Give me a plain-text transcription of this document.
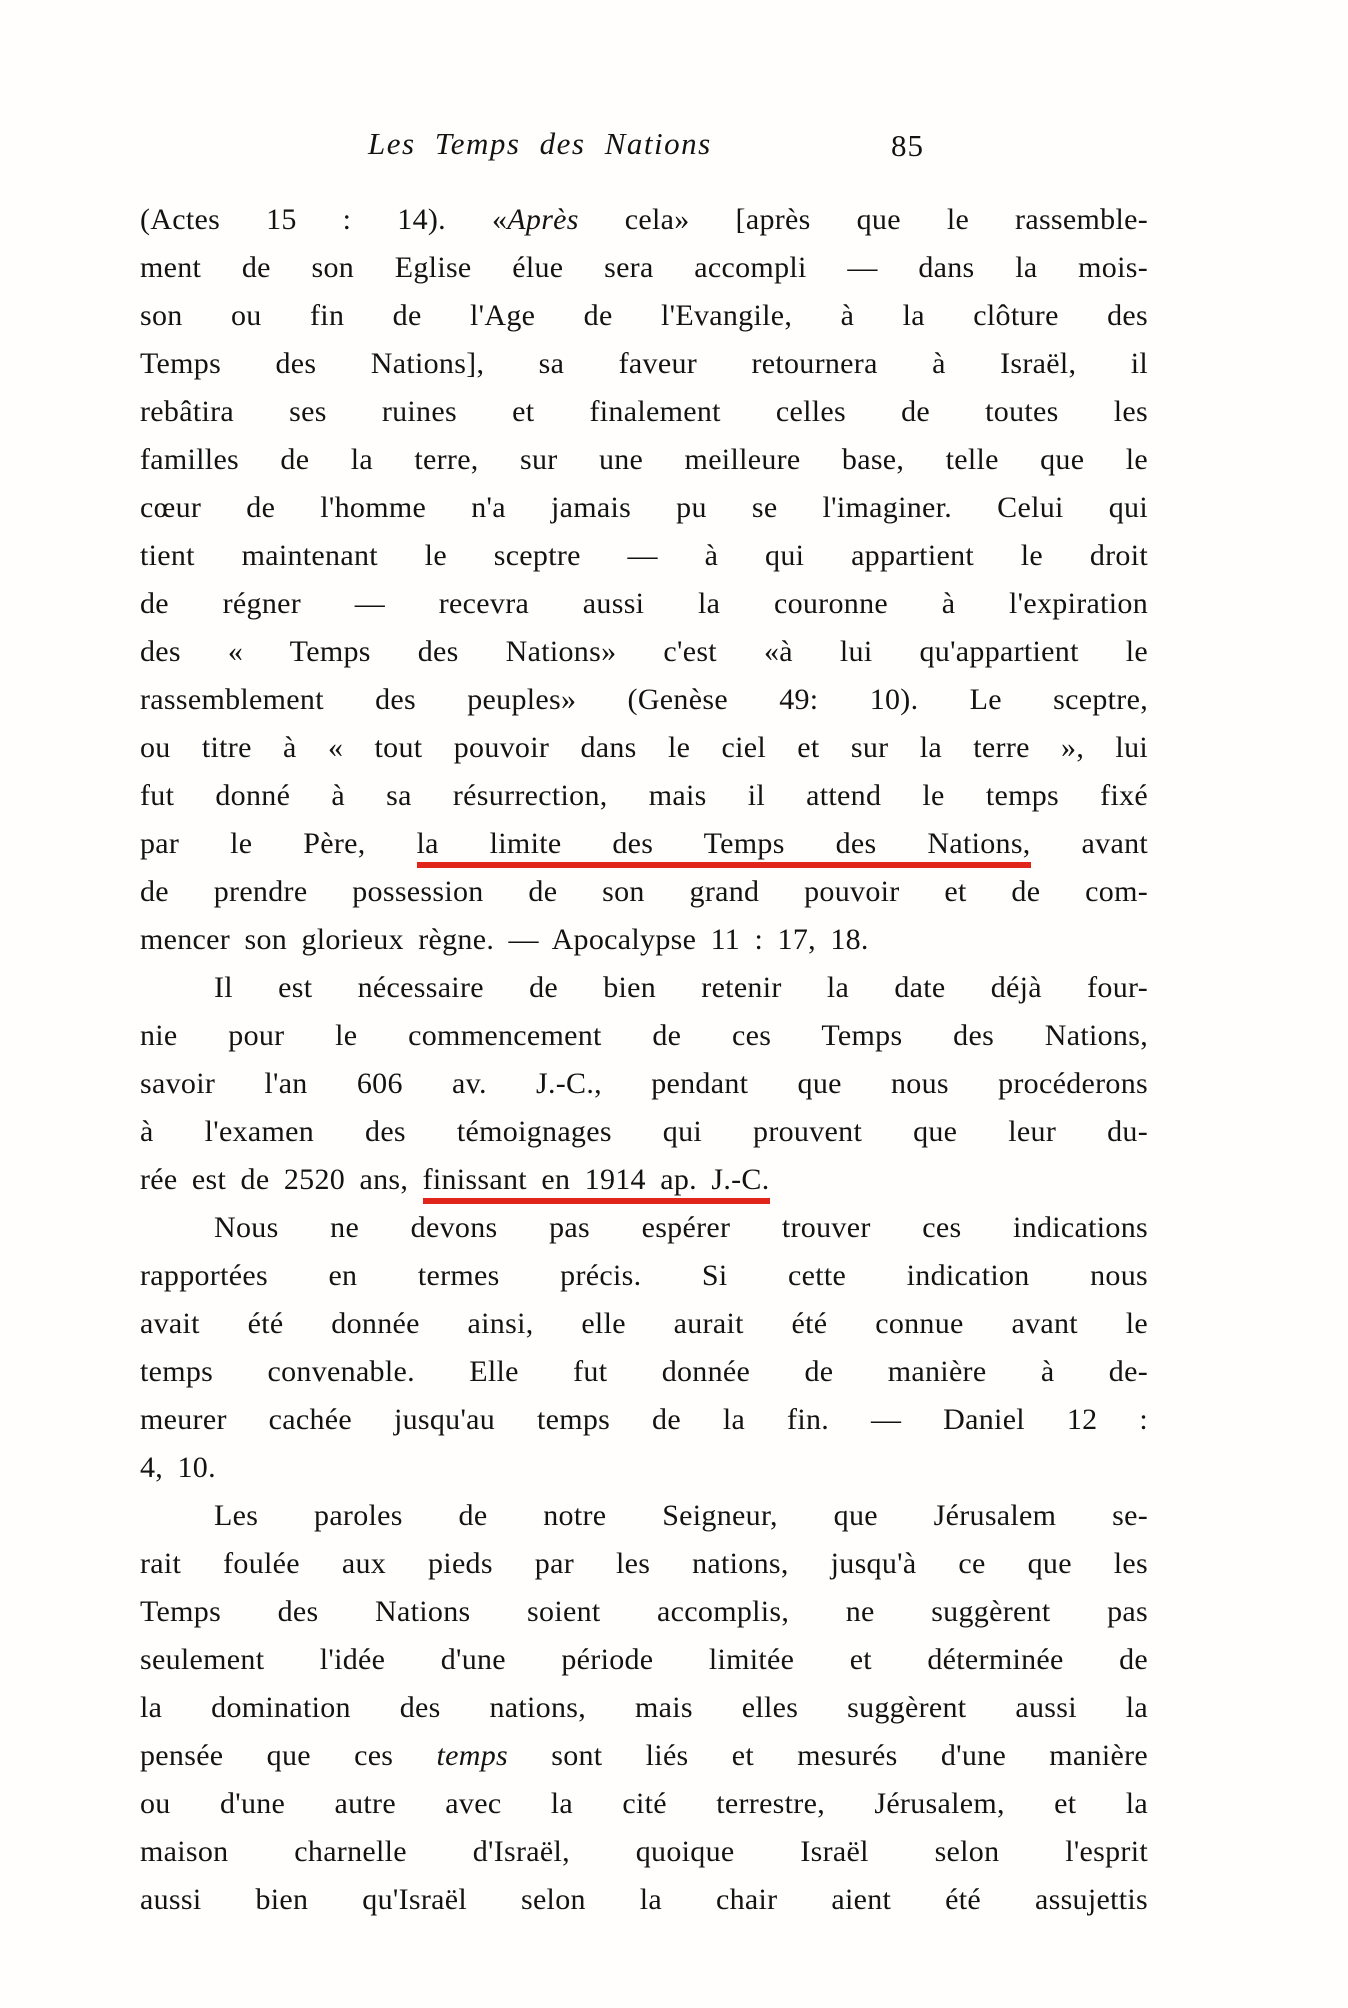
Les Temps des Nations	85
(Actes 15 : 14). «Après cela» [après que le rassemble-
ment de son Eglise élue sera accompli — dans la mois-
son ou fin de l'Age de l'Evangile, à la clôture des
Temps des Nations], sa faveur retournera à Israël, il
rebâtira ses ruines et finalement celles de toutes les
familles de la terre, sur une meilleure base, telle que le
cœur de l'homme n'a jamais pu se l'imaginer. Celui qui
tient maintenant le sceptre — à qui appartient le droit
de régner — recevra aussi la couronne à l'expiration
des « Temps des Nations» c'est «à lui qu'appartient le
rassemblement des peuples» (Genèse 49: 10). Le sceptre,
ou titre à « tout pouvoir dans le ciel et sur la terre », lui
fut donné à sa résurrection, mais il attend le temps fixé
par le Père, la limite des Temps des Nations, avant
de prendre possession de son grand pouvoir et de com-
mencer son glorieux règne. — Apocalypse 11 : 17, 18.
Il est nécessaire de bien retenir la date déjà four-
nie pour le commencement de ces Temps des Nations,
savoir l'an 606 av. J.-C., pendant que nous procéderons
à l'examen des témoignages qui prouvent que leur du-
rée est de 2520 ans, finissant en 1914 ap. J.-C.
Nous ne devons pas espérer trouver ces indications
rapportées en termes précis. Si cette indication nous
avait été donnée ainsi, elle aurait été connue avant le
temps convenable. Elle fut donnée de manière à de-
meurer cachée jusqu'au temps de la fin. — Daniel 12 :
4, 10.
Les paroles de notre Seigneur, que Jérusalem se-
rait foulée aux pieds par les nations, jusqu'à ce que les
Temps des Nations soient accomplis, ne suggèrent pas
seulement l'idée d'une période limitée et déterminée de
la domination des nations, mais elles suggèrent aussi la
pensée que ces temps sont liés et mesurés d'une manière
ou d'une autre avec la cité terrestre, Jérusalem, et la
maison charnelle d'Israël, quoique Israël selon l'esprit
aussi bien qu'Israël selon la chair aient été assujettis
